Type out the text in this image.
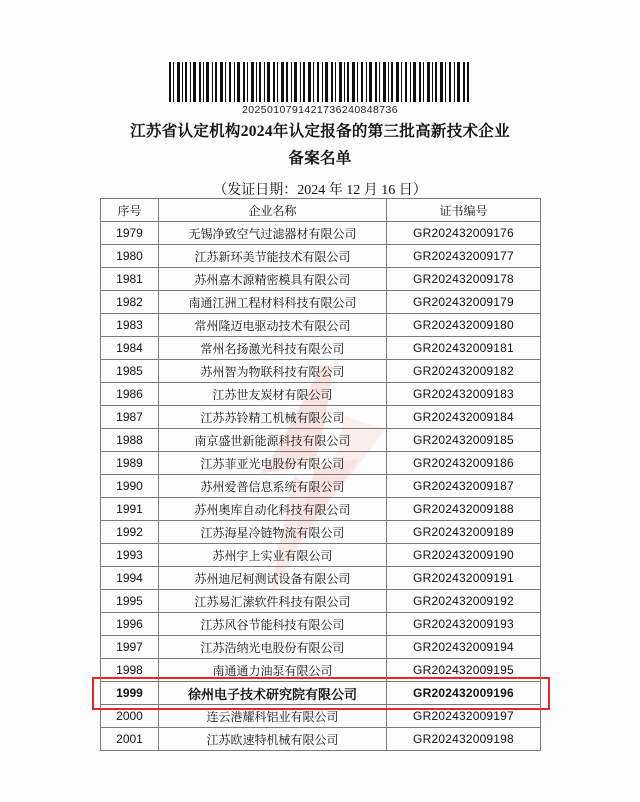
2025010791421736240848736
江苏省认定机构2024年认定报备的第三批高新技术企业
备案名单
（发证日期：2024 年 12 月 16 日）
序号	企业名称	证书编号
1979	无锡净致空气过滤器材有限公司	GR202432009176
1980	江苏新环美节能技术有限公司	GR202432009177
1981	苏州嘉木源精密模具有限公司	GR202432009178
1982	南通江洲工程材料科技有限公司	GR202432009179
1983	常州隆迈电驱动技术有限公司	GR202432009180
1984	常州名扬激光科技有限公司	GR202432009181
1985	苏州智为物联科技有限公司	GR202432009182
1986	江苏世友炭材有限公司	GR202432009183
1987	江苏苏铃精工机械有限公司	GR202432009184
1988	南京盛世新能源科技有限公司	GR202432009185
1989	江苏菲亚光电股份有限公司	GR202432009186
1990	苏州爱普信息系统有限公司	GR202432009187
1991	苏州奥库自动化科技有限公司	GR202432009188
1992	江苏海星冷链物流有限公司	GR202432009189
1993	苏州宇上实业有限公司	GR202432009190
1994	苏州迪尼柯测试设备有限公司	GR202432009191
1995	江苏易汇潆软件科技有限公司	GR202432009192
1996	江苏风谷节能科技有限公司	GR202432009193
1997	江苏浩纳光电股份有限公司	GR202432009194
1998	南通通力油泵有限公司	GR202432009195
1999	徐州电子技术研究院有限公司	GR202432009196
2000	连云港耀科铝业有限公司	GR202432009197
2001	江苏欧速特机械有限公司	GR202432009198
